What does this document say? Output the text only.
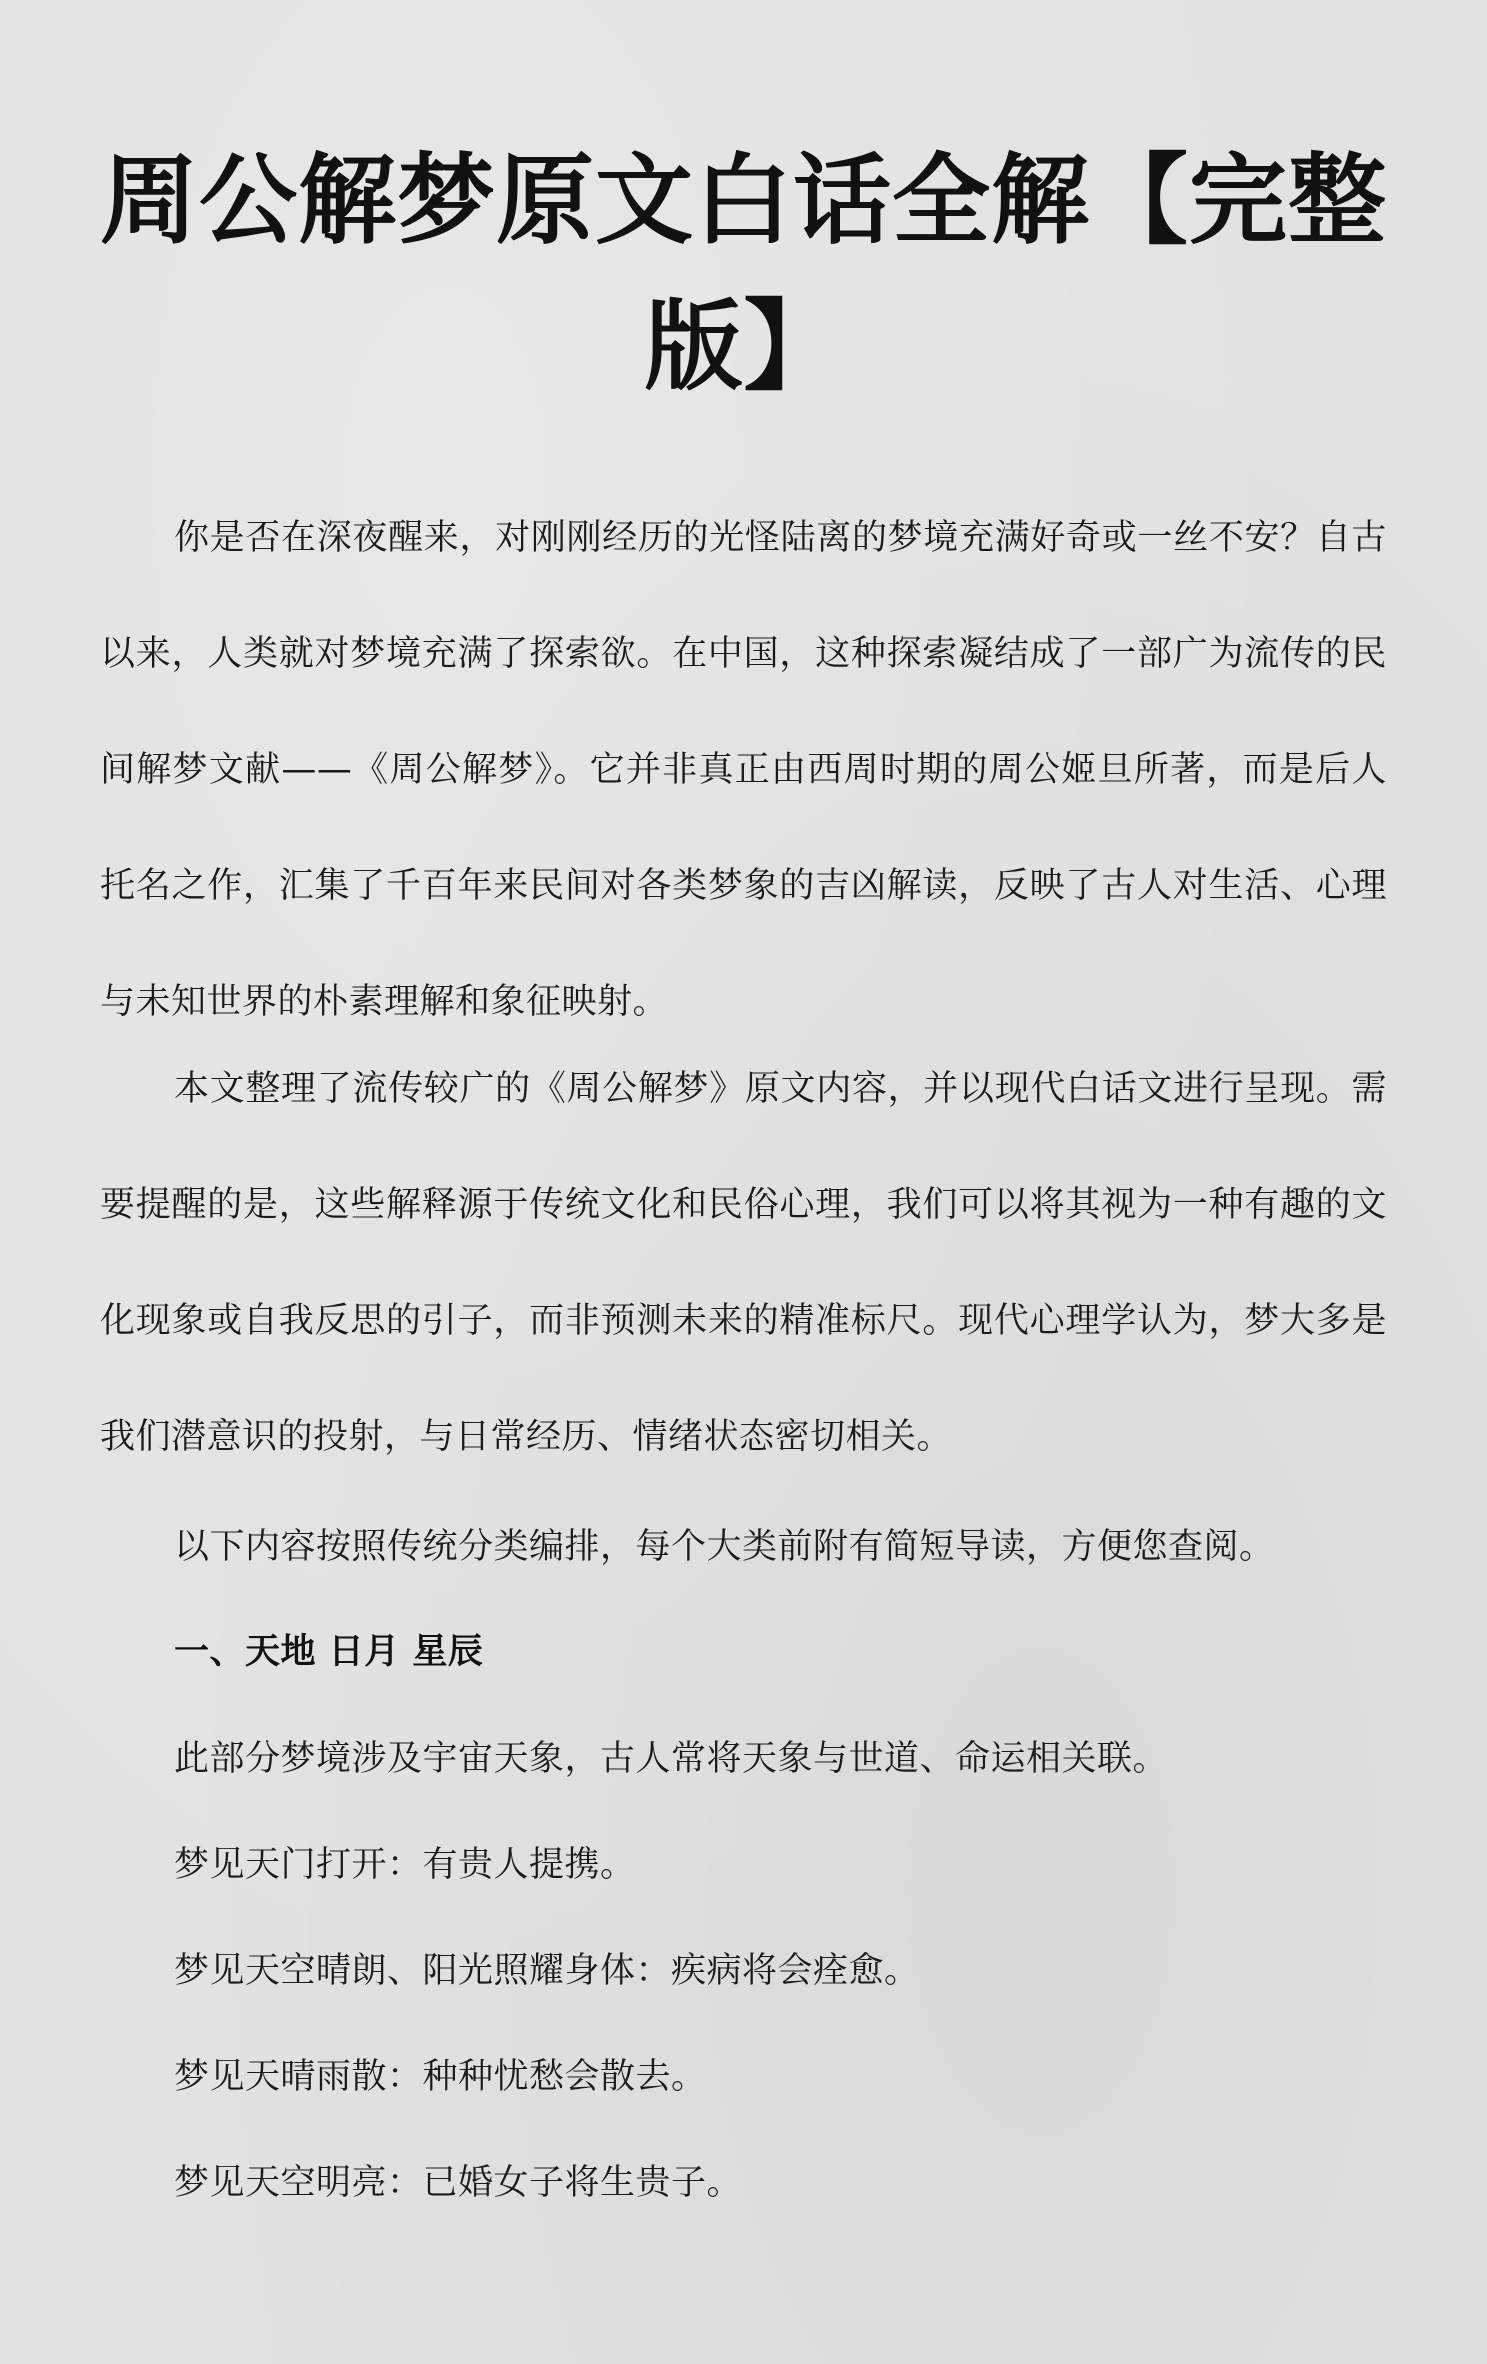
周公解梦原文白话全解【完整版】

你是否在深夜醒来，对刚刚经历的光怪陆离的梦境充满好奇或一丝不安？自古以来，人类就对梦境充满了探索欲。在中国，这种探索凝结成了一部广为流传的民间解梦文献——《周公解梦》。它并非真正由西周时期的周公姬旦所著，而是后人托名之作，汇集了千百年来民间对各类梦象的吉凶解读，反映了古人对生活、心理与未知世界的朴素理解和象征映射。

本文整理了流传较广的《周公解梦》原文内容，并以现代白话文进行呈现。需要提醒的是，这些解释源于传统文化和民俗心理，我们可以将其视为一种有趣的文化现象或自我反思的引子，而非预测未来的精准标尺。现代心理学认为，梦大多是我们潜意识的投射，与日常经历、情绪状态密切相关。

以下内容按照传统分类编排，每个大类前附有简短导读，方便您查阅。

一、天地 日月 星辰

此部分梦境涉及宇宙天象，古人常将天象与世道、命运相关联。

梦见天门打开：有贵人提携。

梦见天空晴朗、阳光照耀身体：疾病将会痊愈。

梦见天晴雨散：种种忧愁会散去。

梦见天空明亮：已婚女子将生贵子。
